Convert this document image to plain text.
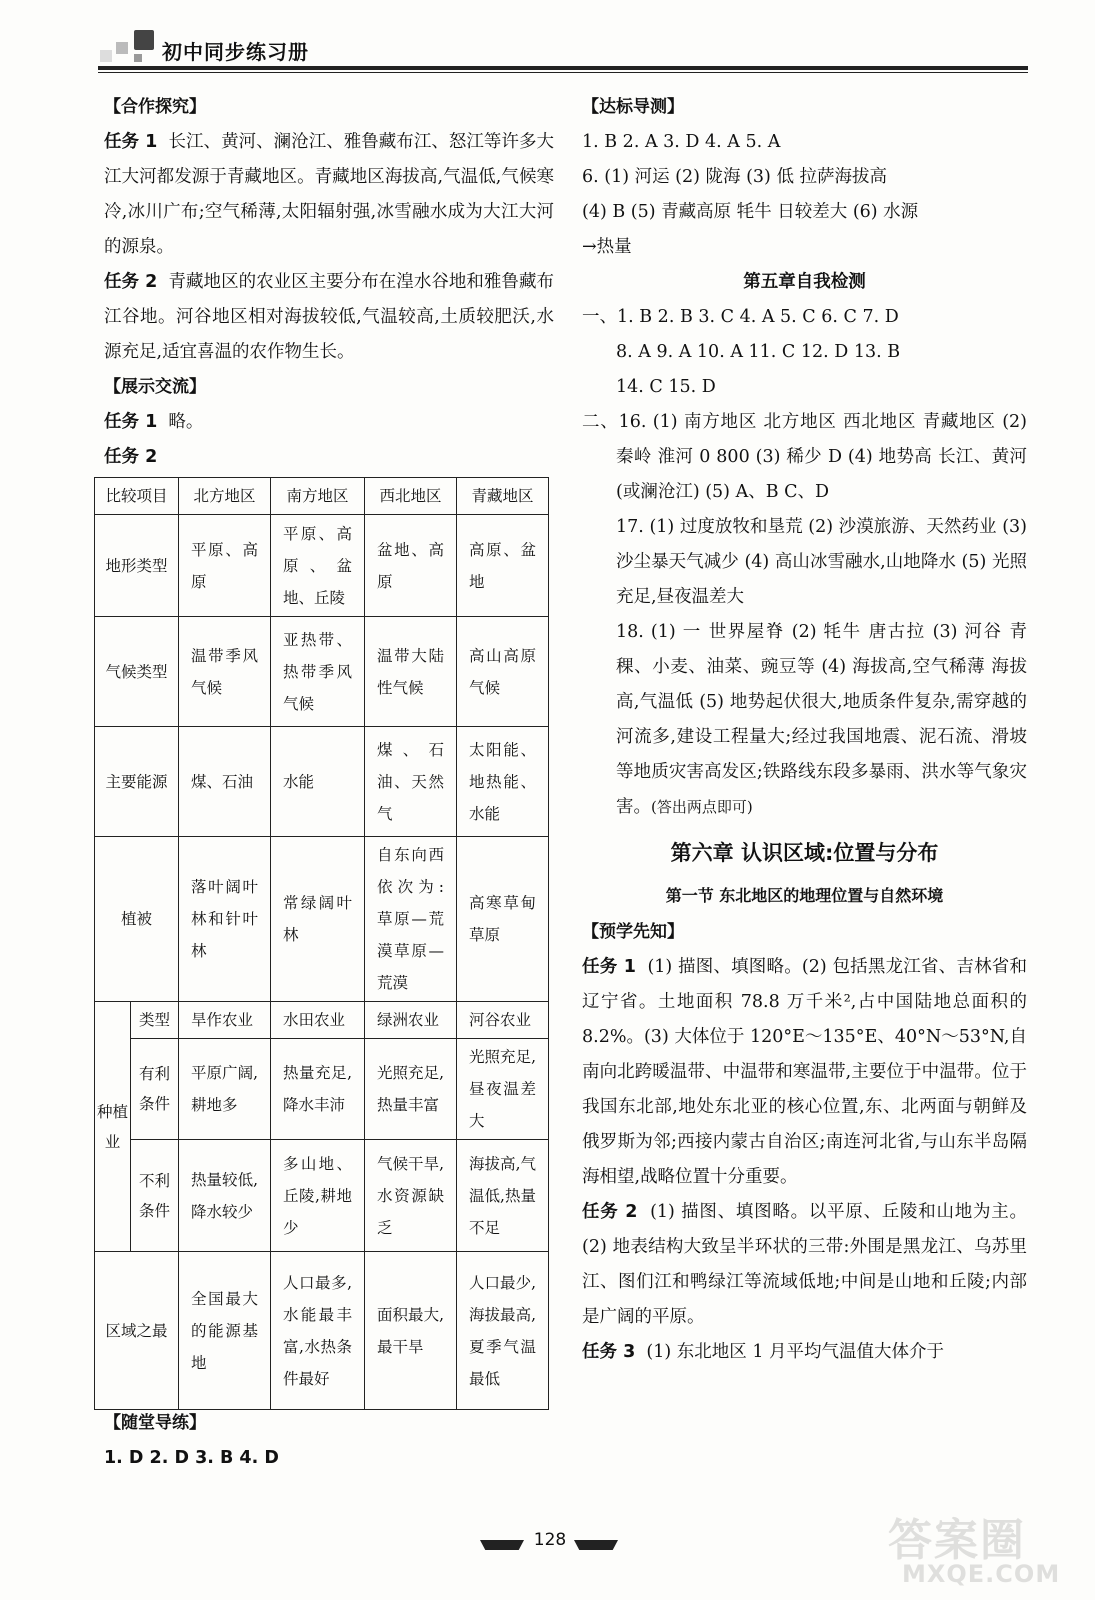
初中同步练习册

【合作探究】

任务 1 长江、黄河、澜沧江、雅鲁藏布江、怒江等许多大江大河都发源于青藏地区。青藏地区海拔高,气温低,气候寒冷,冰川广布;空气稀薄,太阳辐射强,冰雪融水成为大江大河的源泉。

任务 2 青藏地区的农业区主要分布在湟水谷地和雅鲁藏布江谷地。河谷地区相对海拔较低,气温较高,土质较肥沃,水源充足,适宜喜温的农作物生长。

【展示交流】

任务 1 略。

任务 2

比较项目		北方地区	南方地区	西北地区	青藏地区
地形类型		平原、高原	平原、高原、盆地、丘陵	盆地、高原	高原、盆地
气候类型		温带季风气候	亚热带、热带季风气候	温带大陆性气候	高山高原气候
主要能源		煤、石油	水能	煤、石油、天然气	太阳能、地热能、水能
植被		落叶阔叶林和针叶林	常绿阔叶林	自东向西依次为:草原—荒漠草原—荒漠	高寒草甸草原
种植业	类型	旱作农业	水田农业	绿洲农业	河谷农业
	有利条件	平原广阔,耕地多	热量充足,降水丰沛	光照充足,热量丰富	光照充足,昼夜温差大
	不利条件	热量较低,降水较少	多山地、丘陵,耕地少	气候干旱,水资源缺乏	海拔高,气温低,热量不足
区域之最		全国最大的能源基地	人口最多,水能最丰富,水热条件最好	面积最大,最干旱	人口最少,海拔最高,夏季气温最低

【随堂导练】

1. D 2. D 3. B 4. D

【达标导测】

1. B 2. A 3. D 4. A 5. A

6. (1) 河运 (2) 陇海 (3) 低 拉萨海拔高

(4) B (5) 青藏高原 牦牛 日较差大 (6) 水源

→热量

第五章自我检测

一、1. B 2. B 3. C 4. A 5. C 6. C 7. D

8. A 9. A 10. A 11. C 12. D 13. B

14. C 15. D

二、16. (1) 南方地区 北方地区 西北地区 青藏地区 (2) 秦岭 淮河 0 800 (3) 稀少 D (4) 地势高 长江、黄河(或澜沧江) (5) A、B C、D

17. (1) 过度放牧和垦荒 (2) 沙漠旅游、天然药业 (3) 沙尘暴天气减少 (4) 高山冰雪融水,山地降水 (5) 光照充足,昼夜温差大

18. (1) 一 世界屋脊 (2) 牦牛 唐古拉 (3) 河谷 青稞、小麦、油菜、豌豆等 (4) 海拔高,空气稀薄 海拔高,气温低 (5) 地势起伏很大,地质条件复杂,需穿越的河流多,建设工程量大;经过我国地震、泥石流、滑坡等地质灾害高发区;铁路线东段多暴雨、洪水等气象灾害。(答出两点即可)

第六章 认识区域:位置与分布

第一节 东北地区的地理位置与自然环境

【预学先知】

任务 1 (1) 描图、填图略。(2) 包括黑龙江省、吉林省和辽宁省。土地面积 78.8 万千米²,占中国陆地总面积的 8.2%。(3) 大体位于 120°E～135°E、40°N～53°N,自南向北跨暖温带、中温带和寒温带,主要位于中温带。位于我国东北部,地处东北亚的核心位置,东、北两面与朝鲜及俄罗斯为邻;西接内蒙古自治区;南连河北省,与山东半岛隔海相望,战略位置十分重要。

任务 2 (1) 描图、填图略。以平原、丘陵和山地为主。(2) 地表结构大致呈半环状的三带:外围是黑龙江、乌苏里江、图们江和鸭绿江等流域低地;中间是山地和丘陵;内部是广阔的平原。

任务 3 (1) 东北地区 1 月平均气温值大体介于

128	答案圈
MXQE.COM
